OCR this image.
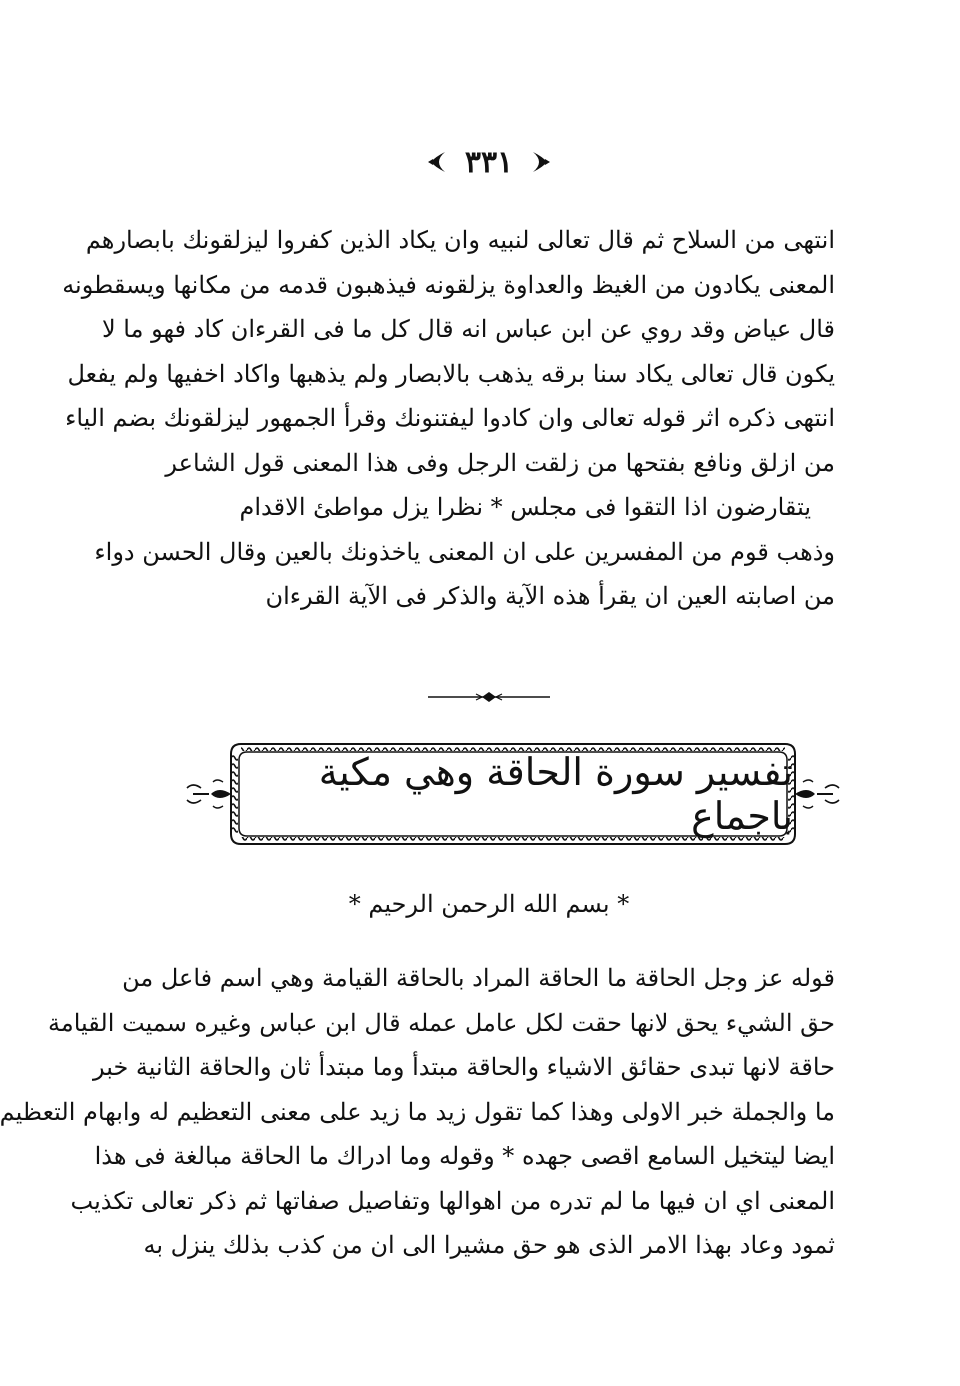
٣٣١
انتهى من السلاح ثم قال تعالى لنبيه وان يكاد الذين كفروا ليزلقونك بابصارهم
المعنى يكادون من الغيظ والعداوة يزلقونه فيذهبون قدمه من مكانها ويسقطونه
قال عياض وقد روي عن ابن عباس انه قال كل ما فى القرءان كاد فهو ما لا
يكون قال تعالى يكاد سنا برقه يذهب بالابصار ولم يذهبها واكاد اخفيها ولم يفعل
انتهى ذكره اثر قوله تعالى وان كادوا ليفتنونك وقرأ الجمهور ليزلقونك بضم الياء
من ازلق ونافع بفتحها من زلقت الرجل وفى هذا المعنى قول الشاعر
يتقارضون اذا التقوا فى مجلس * نظرا يزل مواطئ الاقدام
وذهب قوم من المفسرين على ان المعنى ياخذونك بالعين وقال الحسن دواء
من اصابته العين ان يقرأ هذه الآية والذكر فى الآية القرءان
تفسير سورة الحاقة وهي مكية باجماع
* بسم الله الرحمن الرحيم *
قوله عز وجل الحاقة ما الحاقة المراد بالحاقة القيامة وهي اسم فاعل من
حق الشيء يحق لانها حقت لكل عامل عمله قال ابن عباس وغيره سميت القيامة
حاقة لانها تبدى حقائق الاشياء والحاقة مبتدأ وما مبتدأ ثان والحاقة الثانية خبر
ما والجملة خبر الاولى وهذا كما تقول زيد ما زيد على معنى التعظيم له وابهام التعظيم
ايضا ليتخيل السامع اقصى جهده * وقوله وما ادراك ما الحاقة مبالغة فى هذا
المعنى اي ان فيها ما لم تدره من اهوالها وتفاصيل صفاتها ثم ذكر تعالى تكذيب
ثمود وعاد بهذا الامر الذى هو حق مشيرا الى ان من كذب بذلك ينزل به
